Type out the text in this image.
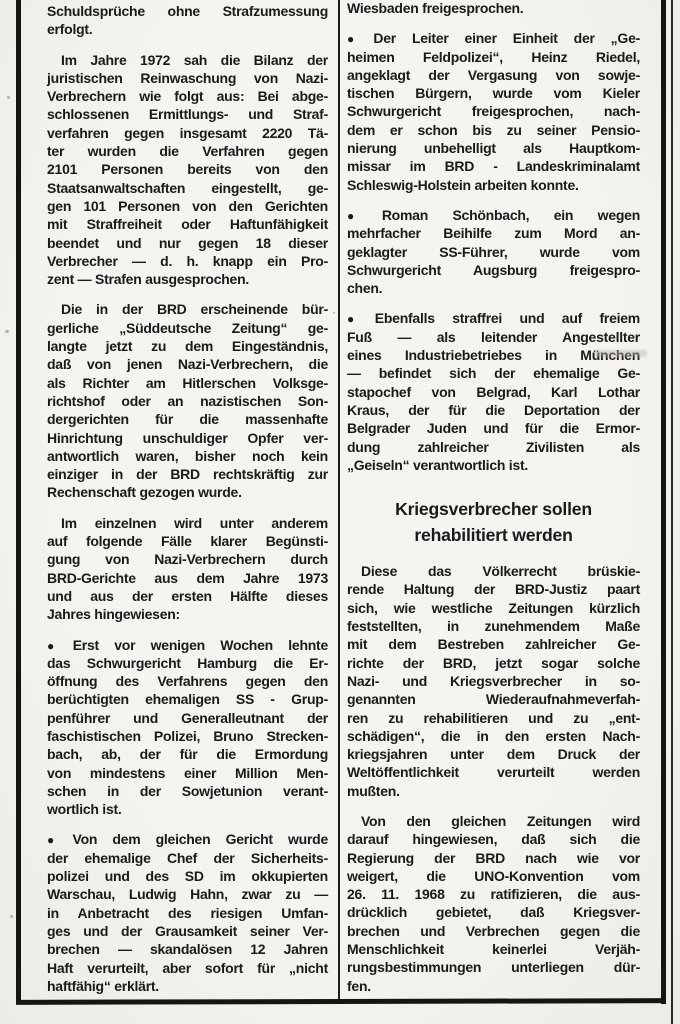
Schuldsprüche ohne Strafzumessung
erfolgt.
Im Jahre 1972 sah die Bilanz der
juristischen Reinwaschung von Nazi-
Verbrechern wie folgt aus: Bei abge-
schlossenen Ermittlungs- und Straf-
verfahren gegen insgesamt 2220 Tä-
ter wurden die Verfahren gegen
2101 Personen bereits von den
Staatsanwaltschaften eingestellt, ge-
gen 101 Personen von den Gerichten
mit Straffreiheit oder Haftunfähigkeit
beendet und nur gegen 18 dieser
Verbrecher — d. h. knapp ein Pro-
zent — Strafen ausgesprochen.
Die in der BRD erscheinende bür-
gerliche „Süddeutsche Zeitung“ ge-
langte jetzt zu dem Eingeständnis,
daß von jenen Nazi-Verbrechern, die
als Richter am Hitlerschen Volksge-
richtshof oder an nazistischen Son-
dergerichten für die massenhafte
Hinrichtung unschuldiger Opfer ver-
antwortlich waren, bisher noch kein
einziger in der BRD rechtskräftig zur
Rechenschaft gezogen wurde.
Im einzelnen wird unter anderem
auf folgende Fälle klarer Begünsti-
gung von Nazi-Verbrechern durch
BRD-Gerichte aus dem Jahre 1973
und aus der ersten Hälfte dieses
Jahres hingewiesen:
● Erst vor wenigen Wochen lehnte
das Schwurgericht Hamburg die Er-
öffnung des Verfahrens gegen den
berüchtigten ehemaligen SS - Grup-
penführer und Generalleutnant der
faschistischen Polizei, Bruno Strecken-
bach, ab, der für die Ermordung
von mindestens einer Million Men-
schen in der Sowjetunion verant-
wortlich ist.
● Von dem gleichen Gericht wurde
der ehemalige Chef der Sicherheits-
polizei und des SD im okkupierten
Warschau, Ludwig Hahn, zwar zu —
in Anbetracht des riesigen Umfan-
ges und der Grausamkeit seiner Ver-
brechen — skandalösen 12 Jahren
Haft verurteilt, aber sofort für „nicht
haftfähig“ erklärt.
Wiesbaden freigesprochen.
● Der Leiter einer Einheit der „Ge-
heimen Feldpolizei“, Heinz Riedel,
angeklagt der Vergasung von sowje-
tischen Bürgern, wurde vom Kieler
Schwurgericht freigesprochen, nach-
dem er schon bis zu seiner Pensio-
nierung unbehelligt als Hauptkom-
missar im BRD - Landeskriminalamt
Schleswig-Holstein arbeiten konnte.
● Roman Schönbach, ein wegen
mehrfacher Beihilfe zum Mord an-
geklagter SS-Führer, wurde vom
Schwurgericht Augsburg freigespro-
chen.
● Ebenfalls straffrei und auf freiem
Fuß — als leitender Angestellter
eines Industriebetriebes in München
— befindet sich der ehemalige Ge-
stapochef von Belgrad, Karl Lothar
Kraus, der für die Deportation der
Belgrader Juden und für die Ermor-
dung zahlreicher Zivilisten als
„Geiseln“ verantwortlich ist.
Kriegsverbrecher sollen
rehabilitiert werden
Diese das Völkerrecht brüskie-
rende Haltung der BRD-Justiz paart
sich, wie westliche Zeitungen kürzlich
feststellten, in zunehmendem Maße
mit dem Bestreben zahlreicher Ge-
richte der BRD, jetzt sogar solche
Nazi- und Kriegsverbrecher in so-
genannten Wiederaufnahmeverfah-
ren zu rehabilitieren und zu „ent-
schädigen“, die in den ersten Nach-
kriegsjahren unter dem Druck der
Weltöffentlichkeit verurteilt werden
mußten.
Von den gleichen Zeitungen wird
darauf hingewiesen, daß sich die
Regierung der BRD nach wie vor
weigert, die UNO-Konvention vom
26. 11. 1968 zu ratifizieren, die aus-
drücklich gebietet, daß Kriegsver-
brechen und Verbrechen gegen die
Menschlichkeit keinerlei Verjäh-
rungsbestimmungen unterliegen dür-
fen.
